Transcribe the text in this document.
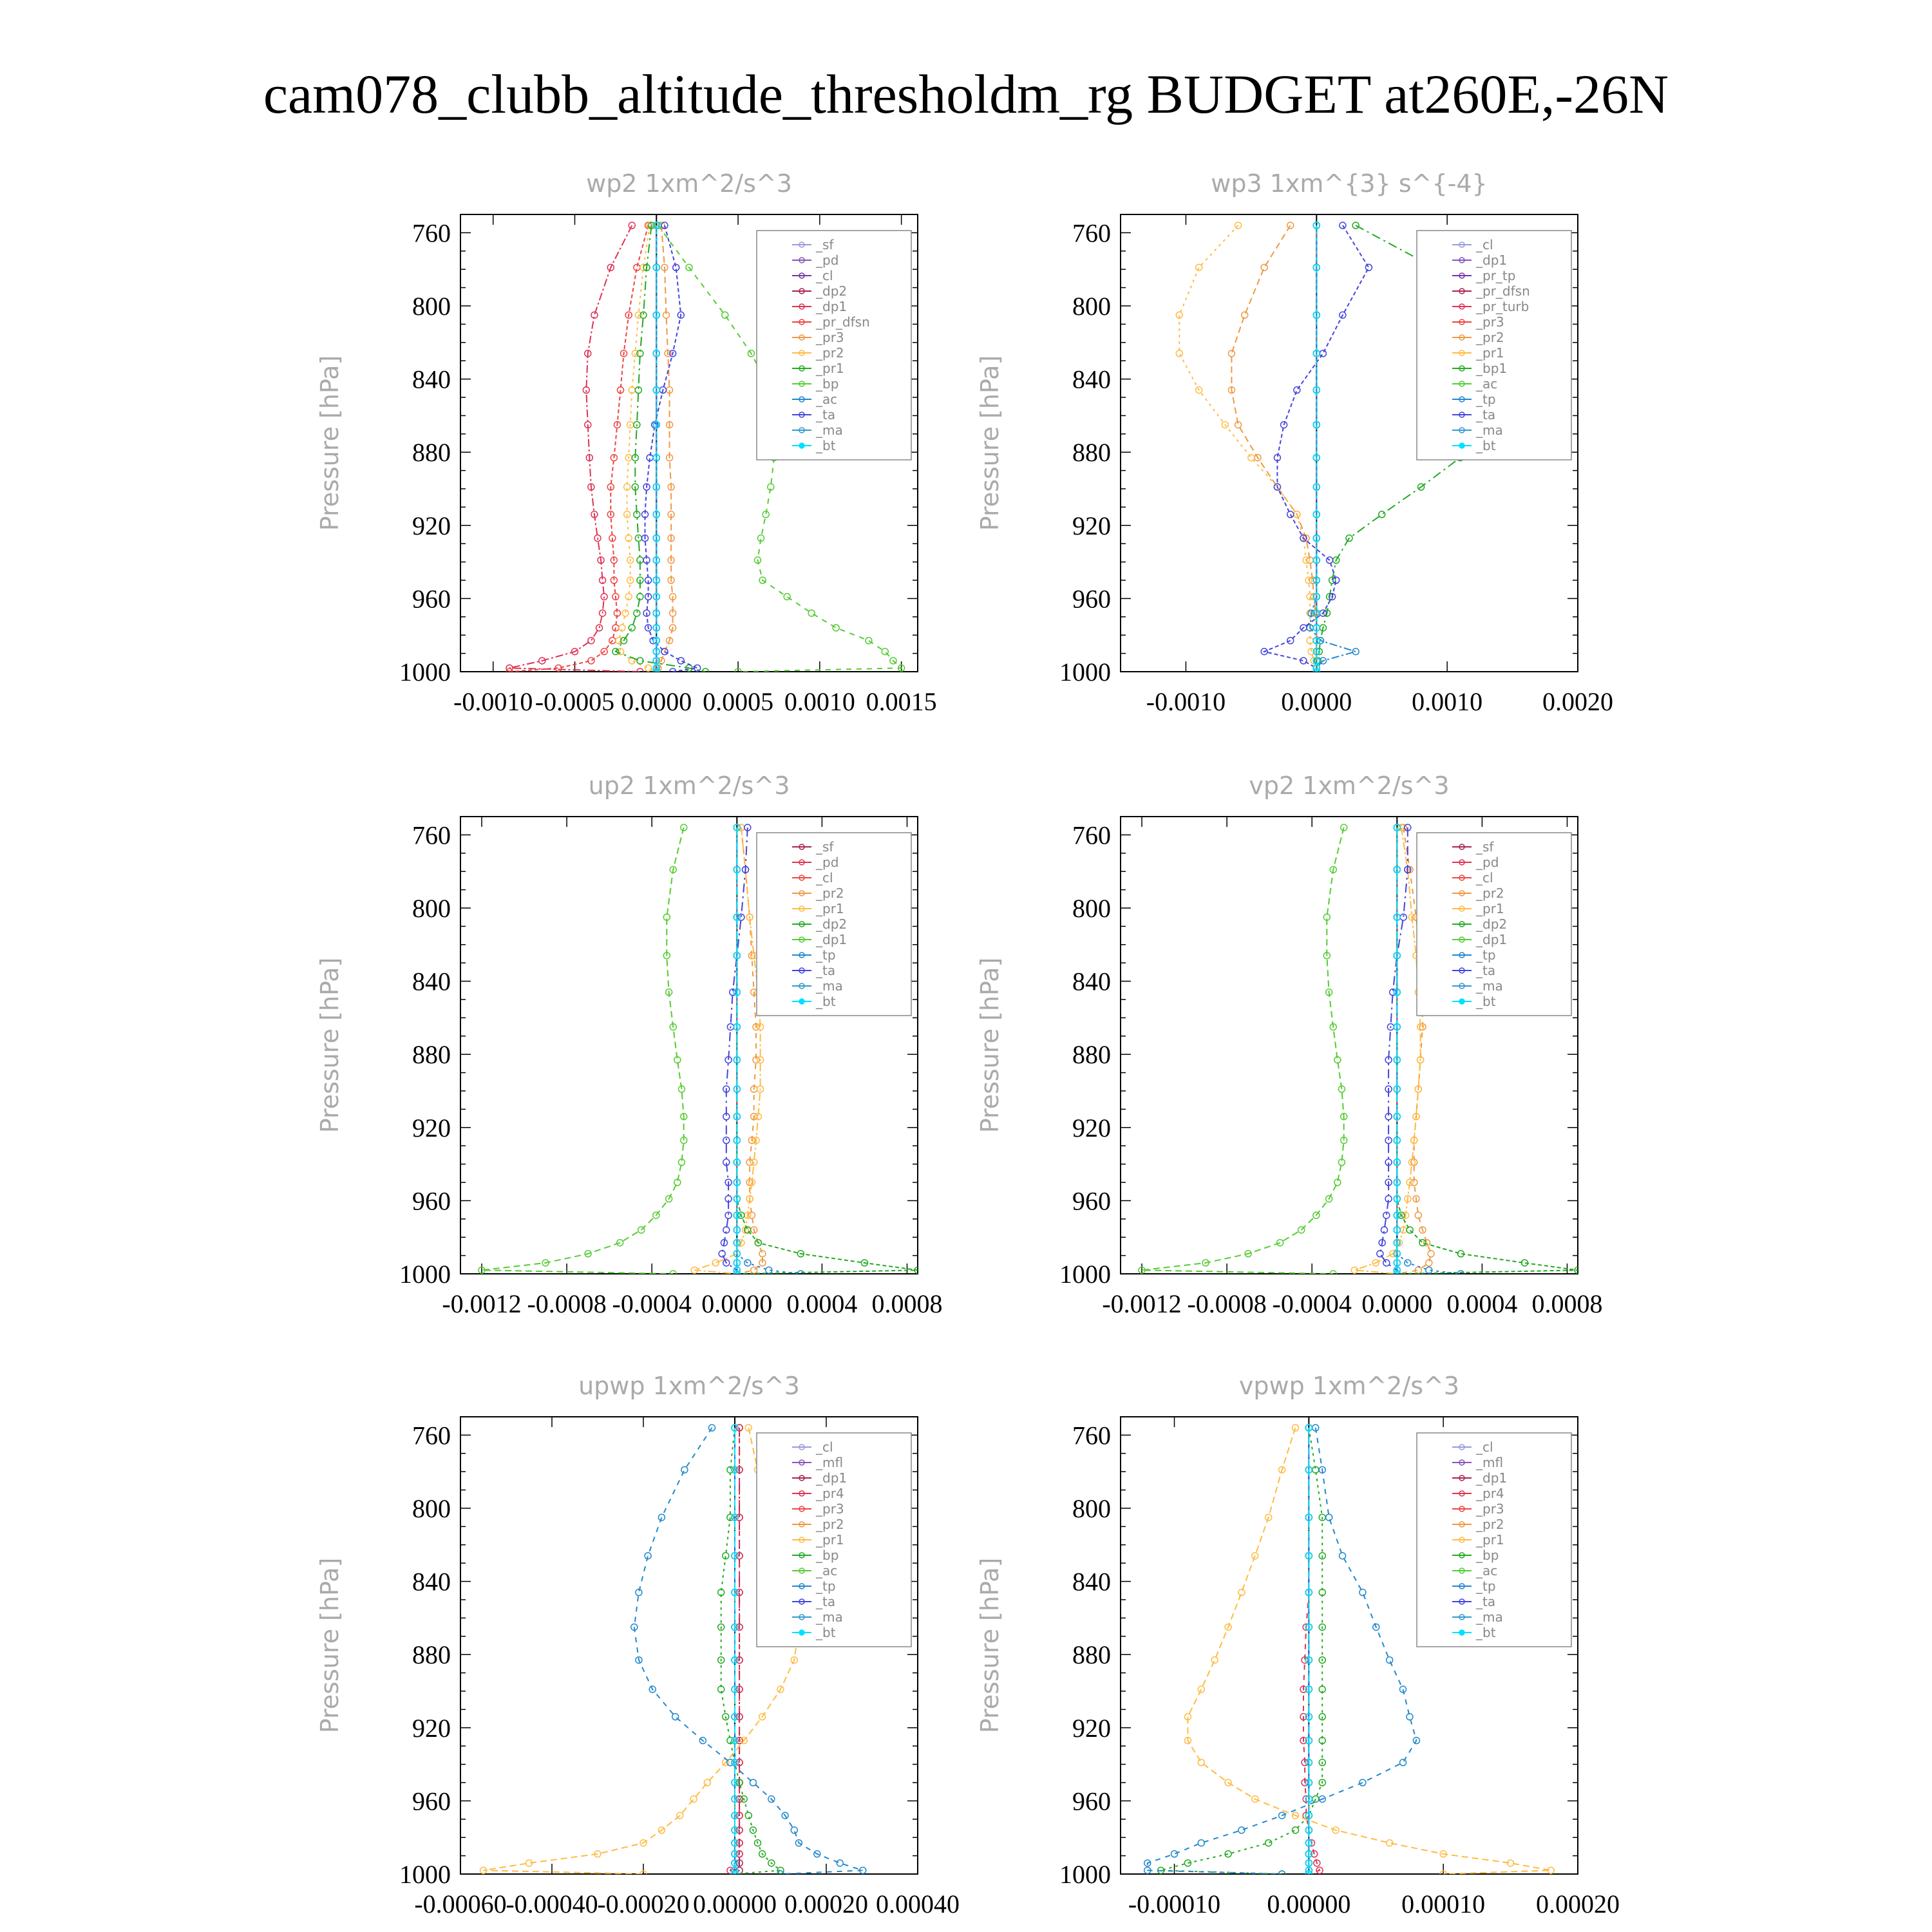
cam078_clubb_altitude_thresholdm_rg BUDGET at260E,-26N
wp2 1xm^2/s^3
Pressure [hPa]
760
800
840
880
920
960
1000
-0.0010 -0.0005 0.0000 0.0005 0.0010 0.0015
_sf
_pd
_cl
_dp2
_dp1
_pr_dfsn
_pr3
_pr2
_pr1
_bp
_ac
_ta
_ma
_bt
wp3 1xm^{3} s^{-4}
Pressure [hPa]
760
800
840
880
920
960
1000
-0.0010 0.0000 0.0010 0.0020
_cl
_dp1
_pr_tp
_pr_dfsn
_pr_turb
_pr3
_pr2
_pr1
_bp1
_ac
_tp
_ta
_ma
_bt
up2 1xm^2/s^3
Pressure [hPa]
760
800
840
880
920
960
1000
-0.0012 -0.0008 -0.0004 0.0000 0.0004 0.0008
_sf
_pd
_cl
_pr2
_pr1
_dp2
_dp1
_tp
_ta
_ma
_bt
vp2 1xm^2/s^3
Pressure [hPa]
760
800
840
880
920
960
1000
-0.0012 -0.0008 -0.0004 0.0000 0.0004 0.0008
_sf
_pd
_cl
_pr2
_pr1
_dp2
_dp1
_tp
_ta
_ma
_bt
upwp 1xm^2/s^3
Pressure [hPa]
760
800
840
880
920
960
1000
-0.00060
-0.00040
-0.00020 0.00000 0.00020 0.00040
_cl
_mfl
_dp1
_pr4
_pr3
_pr2
_pr1
_bp
_ac
_tp
_ta
_ma
_bt
vpwp 1xm^2/s^3
Pressure [hPa]
760
800
840
880
920
960
1000
-0.00010 0.00000 0.00010 0.00020
_cl
_mfl
_dp1
_pr4
_pr3
_pr2
_pr1
_bp
_ac
_tp
_ta
_ma
_bt
